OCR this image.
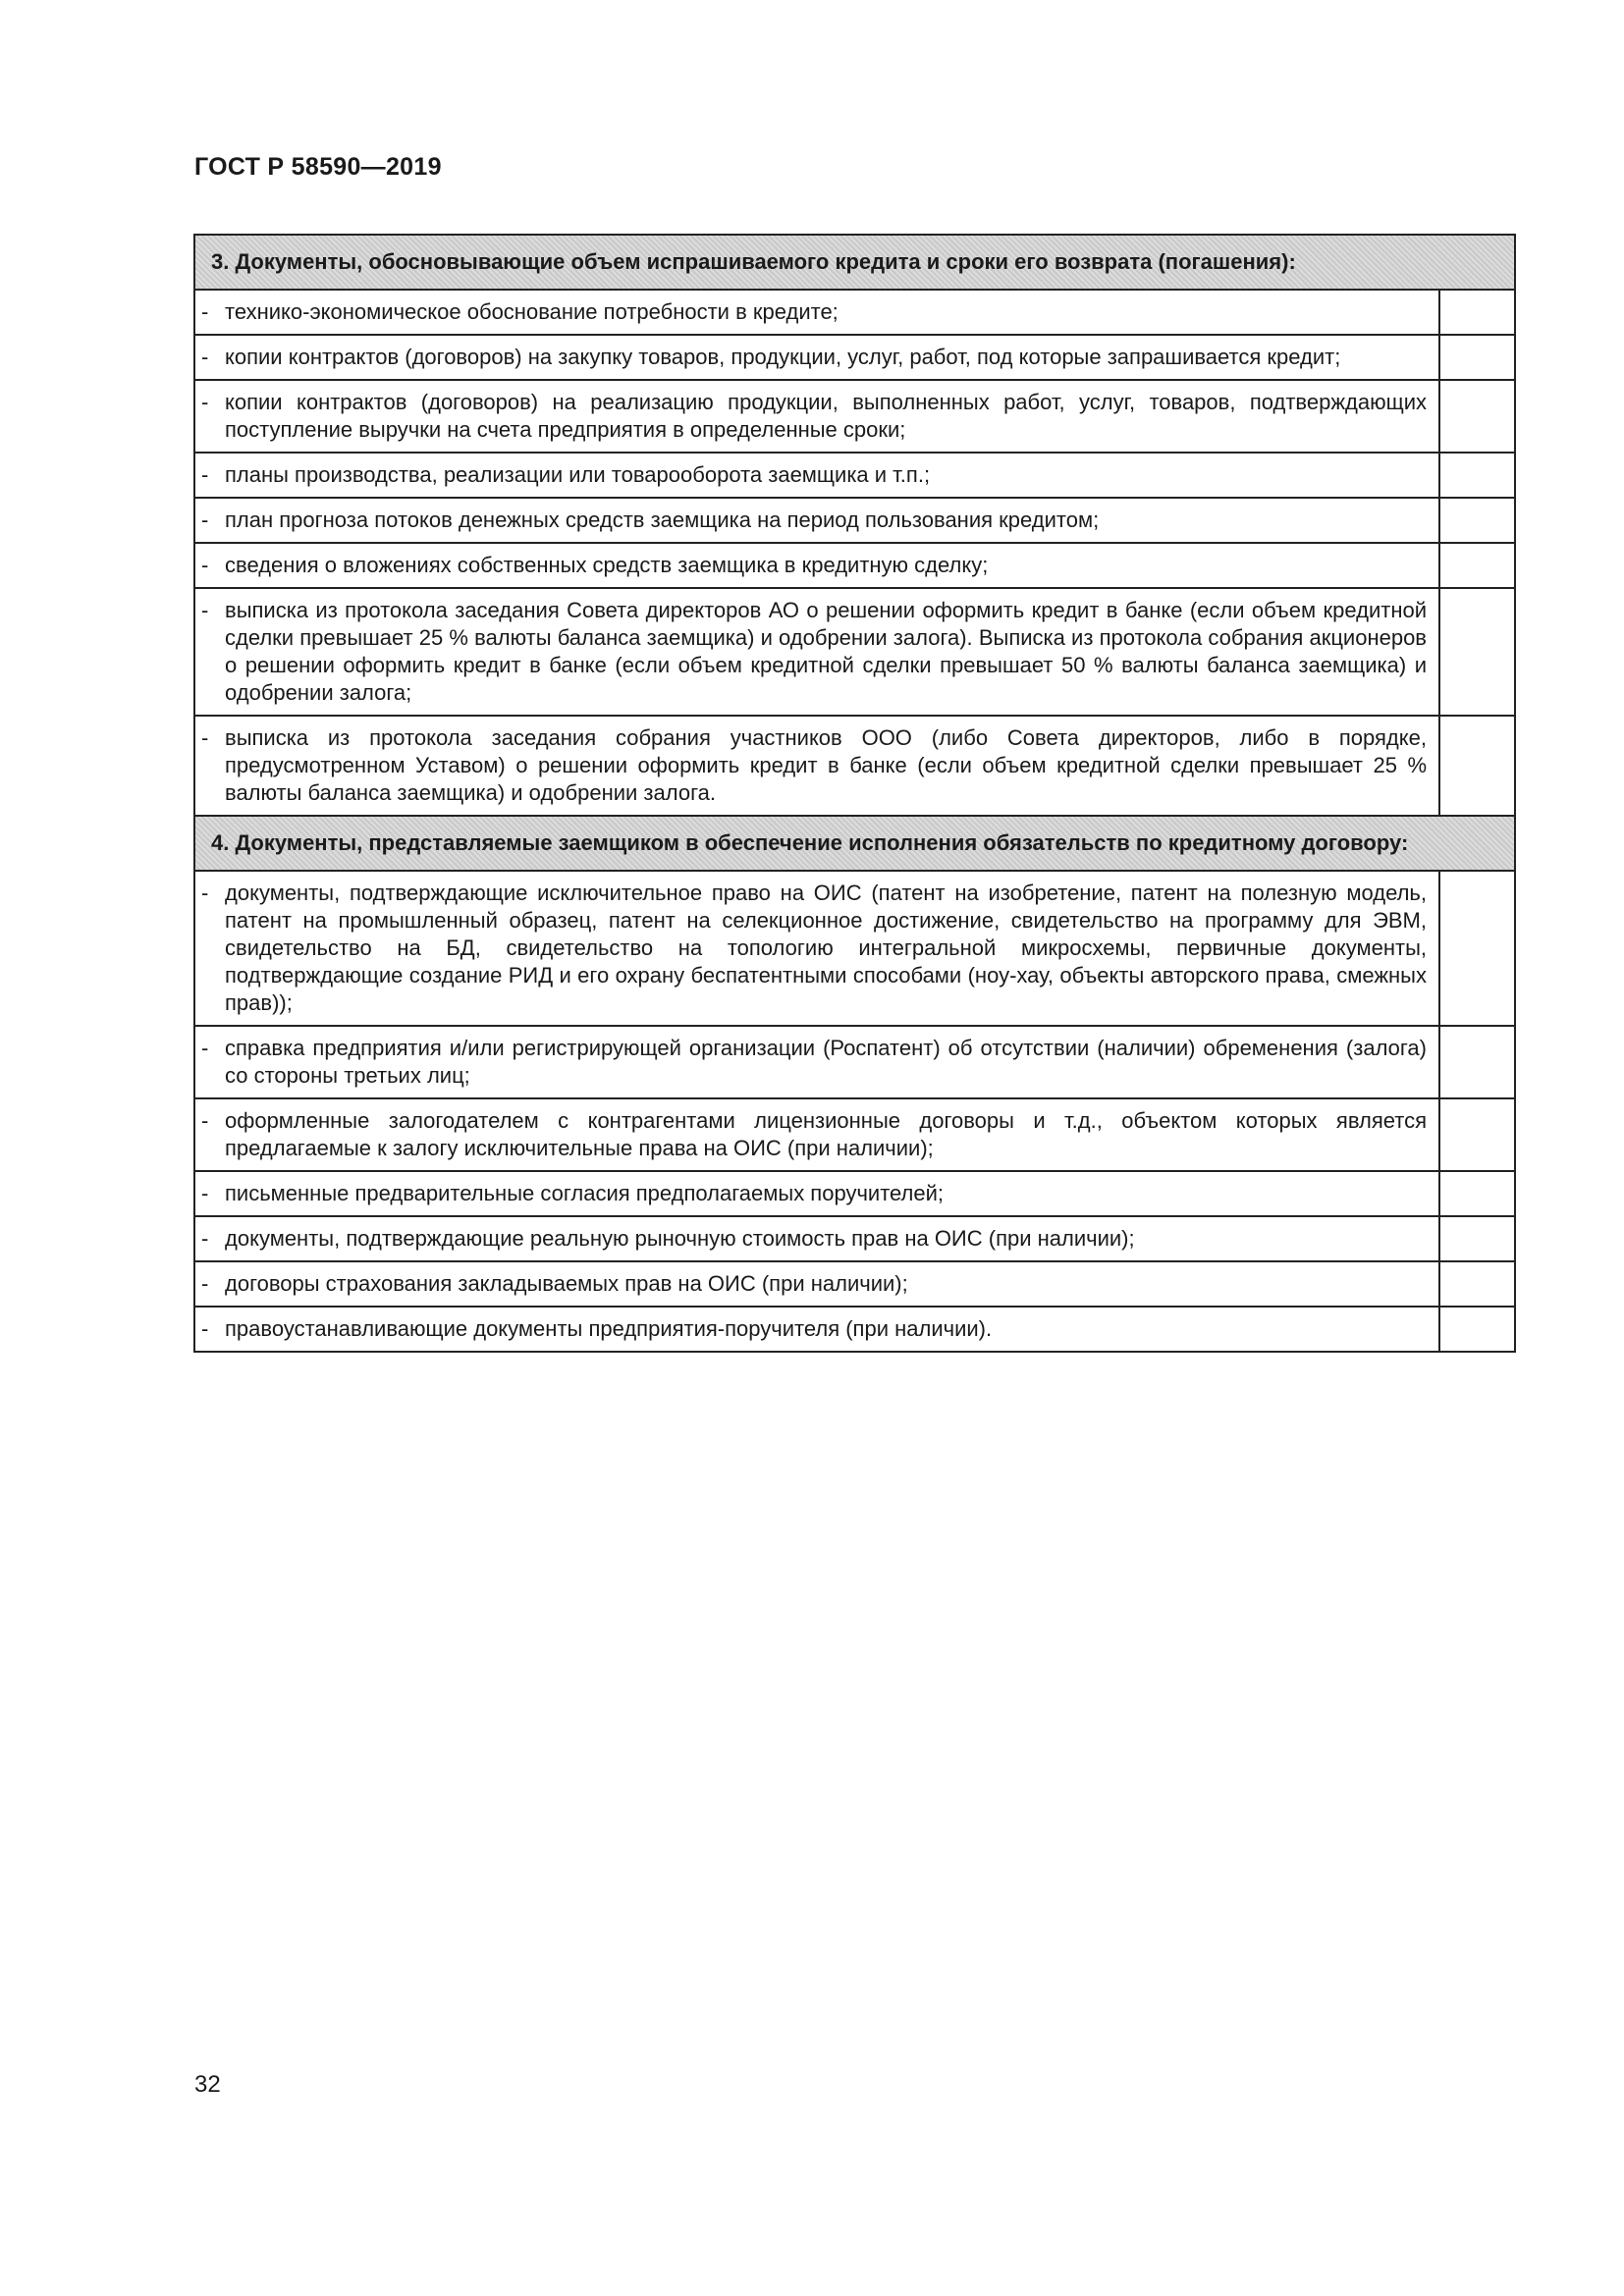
ГОСТ Р 58590—2019
3. Документы, обосновывающие объем испрашиваемого кредита и сроки его возврата (погашения):	

- технико-экономическое обоснование потребности в кредите;	

- копии контрактов (договоров) на закупку товаров, продукции, услуг, работ, под которые запрашивается кредит;	

- копии контрактов (договоров) на реализацию продукции, выполненных работ, услуг, товаров, подтверждающих поступление выручки на счета предприятия в определенные сроки;	

- планы производства, реализации или товарооборота заемщика и т.п.;	

- план прогноза потоков денежных средств заемщика на период пользования кредитом;	

- сведения о вложениях собственных средств заемщика в кредитную сделку;	

- выписка из протокола заседания Совета директоров АО о решении оформить кредит в банке (если объем кредитной сделки превышает 25 % валюты баланса заемщика) и одобрении залога). Выписка из протокола собрания акционеров о решении оформить кредит в банке (если объем кредитной сделки превышает 50 % валюты баланса заемщика) и одобрении залога;	

- выписка из протокола заседания собрания участников ООО (либо Совета директоров, либо в порядке, предусмотренном Уставом) о решении оформить кредит в банке (если объем кредитной сделки превышает 25 % валюты баланса заемщика) и одобрении залога.	

4. Документы, представляемые заемщиком в обеспечение исполнения обязательств по кредитному договору:	

- документы, подтверждающие исключительное право на ОИС (патент на изобретение, патент на полезную модель, патент на промышленный образец, патент на селекционное достижение, свидетельство на программу для ЭВМ, свидетельство на БД, свидетельство на топологию интегральной микросхемы, первичные документы, подтверждающие создание РИД и его охрану беспатентными способами (ноу-хау, объекты авторского права, смежных прав));	

- справка предприятия и/или регистрирующей организации (Роспатент) об отсутствии (наличии) обременения (залога) со стороны третьих лиц;	

- оформленные залогодателем с контрагентами лицензионные договоры и т.д., объектом которых является предлагаемые к залогу исключительные права на ОИС (при наличии);	

- письменные предварительные согласия предполагаемых поручителей;	

- документы, подтверждающие реальную рыночную стоимость прав на ОИС (при наличии);	

- договоры страхования закладываемых прав на ОИС (при наличии);	

- правоустанавливающие документы предприятия-поручителя (при наличии).	

32
